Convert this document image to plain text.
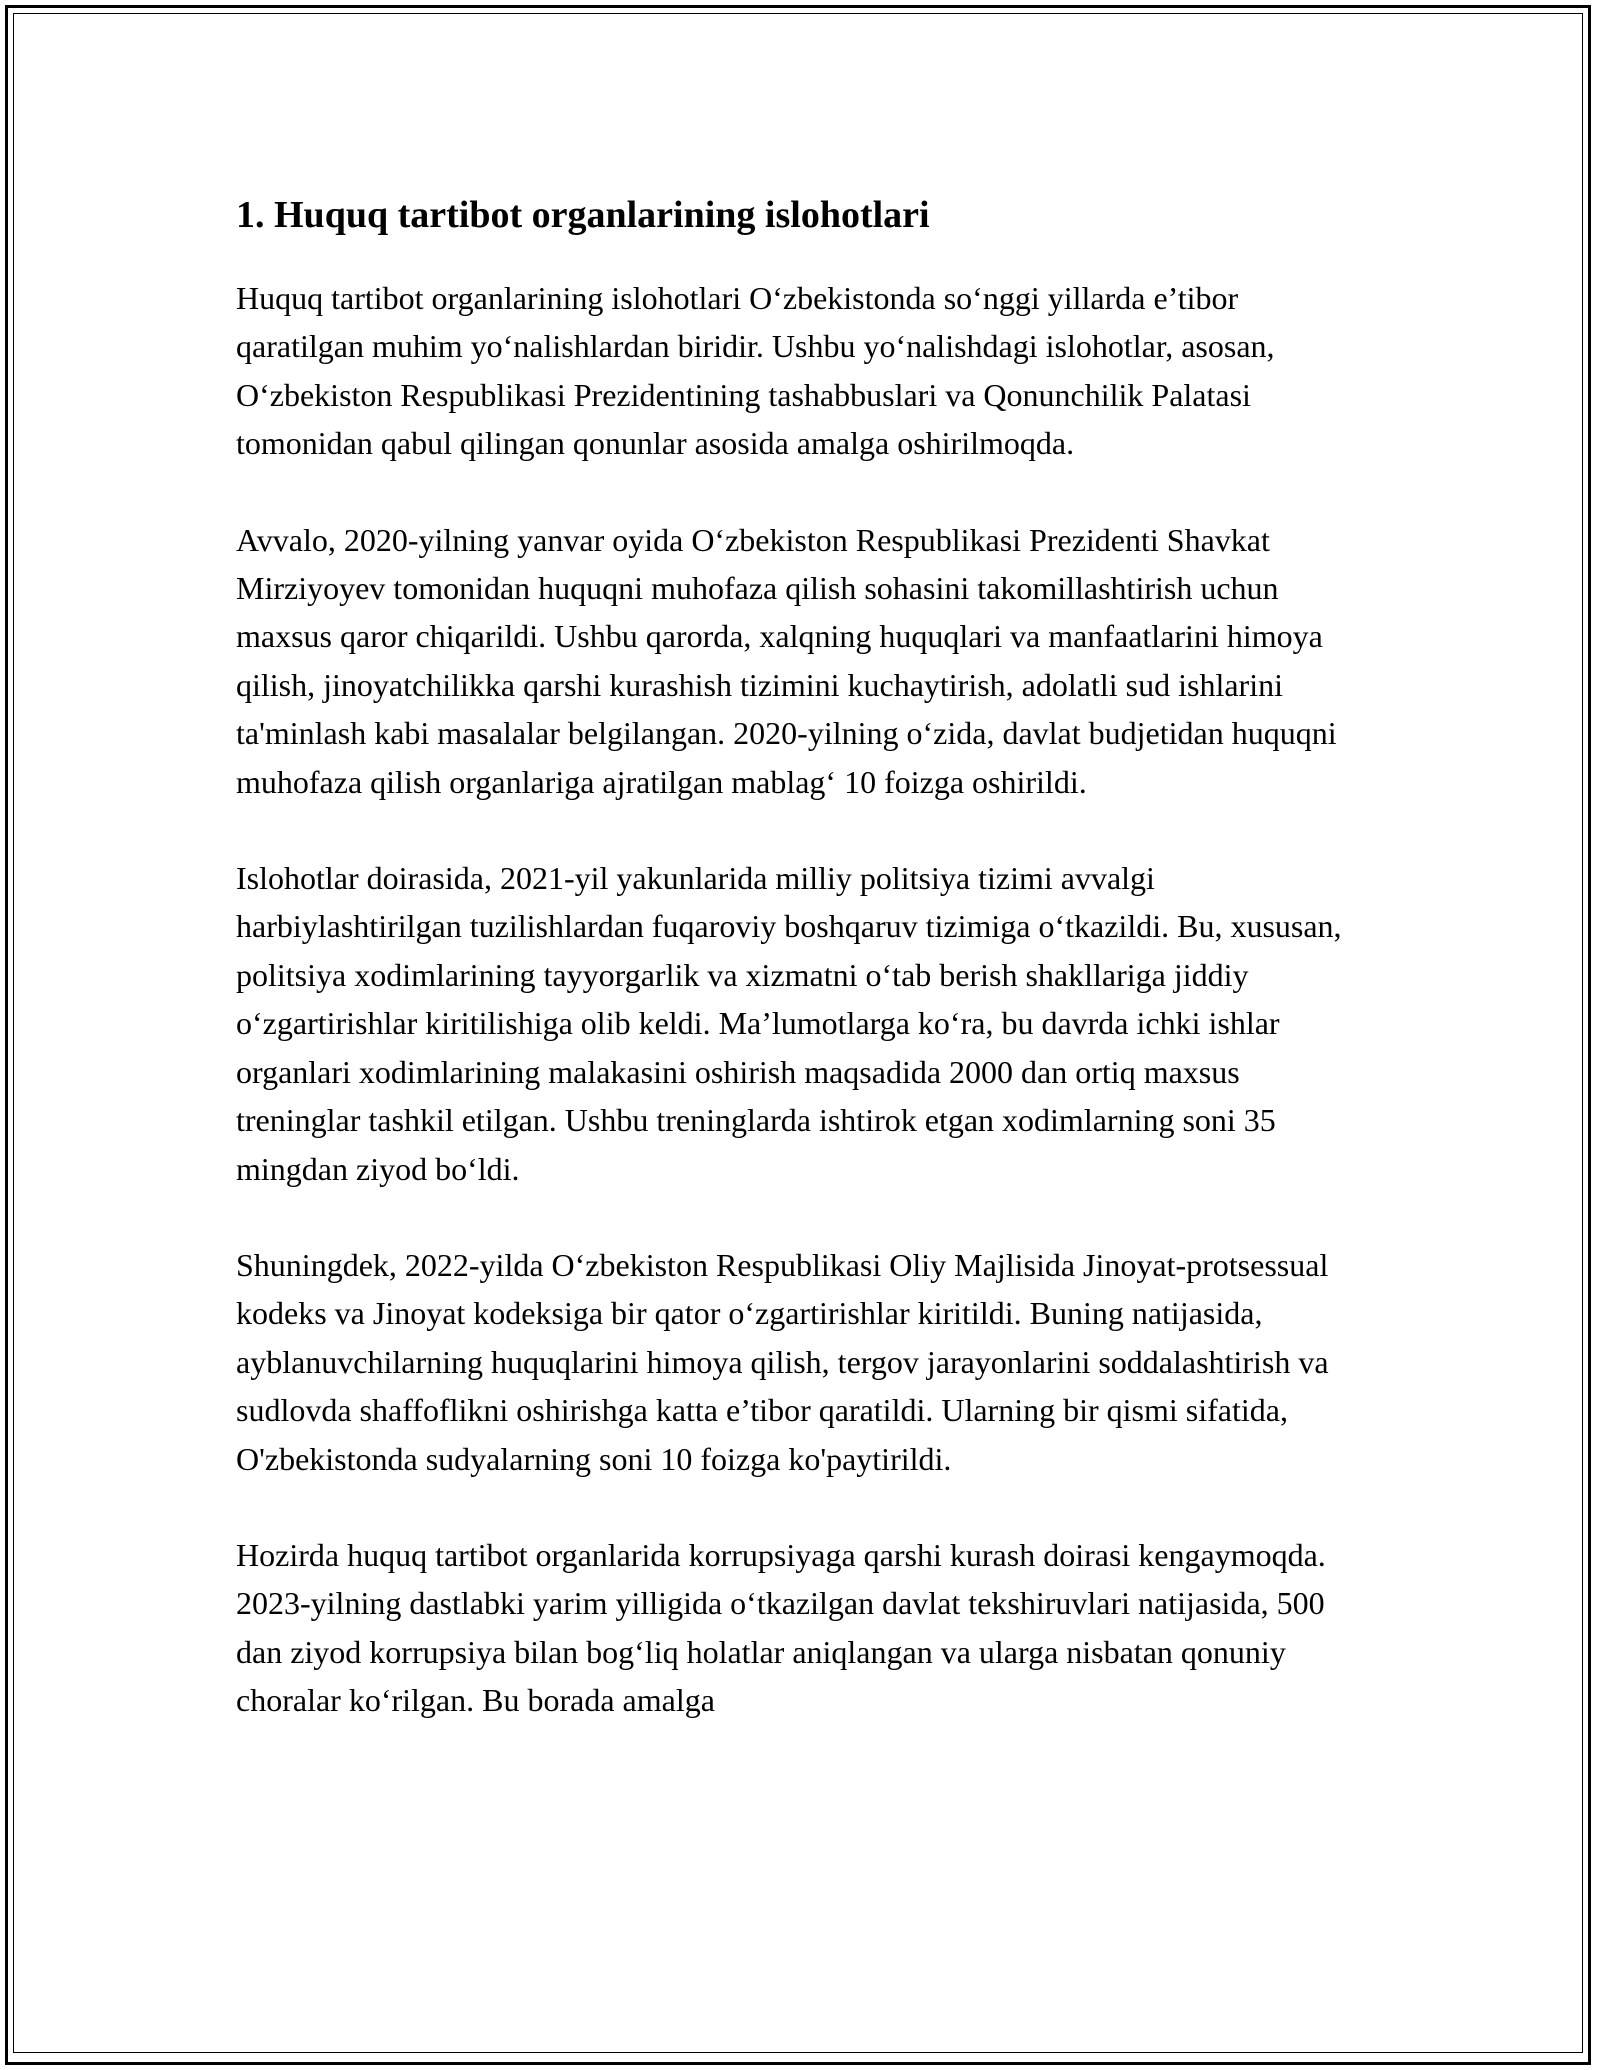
1. Huquq tartibot organlarining islohotlari

Huquq tartibot organlarining islohotlari O‘zbekistonda so‘nggi yillarda e’tibor qaratilgan muhim yo‘nalishlardan biridir. Ushbu yo‘nalishdagi islohotlar, asosan, O‘zbekiston Respublikasi Prezidentining tashabbuslari va Qonunchilik Palatasi tomonidan qabul qilingan qonunlar asosida amalga oshirilmoqda.

Avvalo, 2020-yilning yanvar oyida O‘zbekiston Respublikasi Prezidenti Shavkat Mirziyoyev tomonidan huquqni muhofaza qilish sohasini takomillashtirish uchun maxsus qaror chiqarildi. Ushbu qarorda, xalqning huquqlari va manfaatlarini himoya qilish, jinoyatchilikka qarshi kurashish tizimini kuchaytirish, adolatli sud ishlarini ta'minlash kabi masalalar belgilangan. 2020-yilning o‘zida, davlat budjetidan huquqni muhofaza qilish organlariga ajratilgan mablag‘ 10 foizga oshirildi.

Islohotlar doirasida, 2021-yil yakunlarida milliy politsiya tizimi avvalgi harbiylashtirilgan tuzilishlardan fuqaroviy boshqaruv tizimiga o‘tkazildi. Bu, xususan, politsiya xodimlarining tayyorgarlik va xizmatni o‘tab berish shakllariga jiddiy o‘zgartirishlar kiritilishiga olib keldi. Ma’lumotlarga ko‘ra, bu davrda ichki ishlar organlari xodimlarining malakasini oshirish maqsadida 2000 dan ortiq maxsus treninglar tashkil etilgan. Ushbu treninglarda ishtirok etgan xodimlarning soni 35 mingdan ziyod bo‘ldi.

Shuningdek, 2022-yilda O‘zbekiston Respublikasi Oliy Majlisida Jinoyat-protsessual kodeks va Jinoyat kodeksiga bir qator o‘zgartirishlar kiritildi. Buning natijasida, ayblanuvchilarning huquqlarini himoya qilish, tergov jarayonlarini soddalashtirish va sudlovda shaffoflikni oshirishga katta e’tibor qaratildi. Ularning bir qismi sifatida, O'zbekistonda sudyalarning soni 10 foizga ko'paytirildi.

Hozirda huquq tartibot organlarida korrupsiyaga qarshi kurash doirasi kengaymoqda. 2023-yilning dastlabki yarim yilligida o‘tkazilgan davlat tekshiruvlari natijasida, 500 dan ziyod korrupsiya bilan bog‘liq holatlar aniqlangan va ularga nisbatan qonuniy choralar ko‘rilgan. Bu borada amalga
